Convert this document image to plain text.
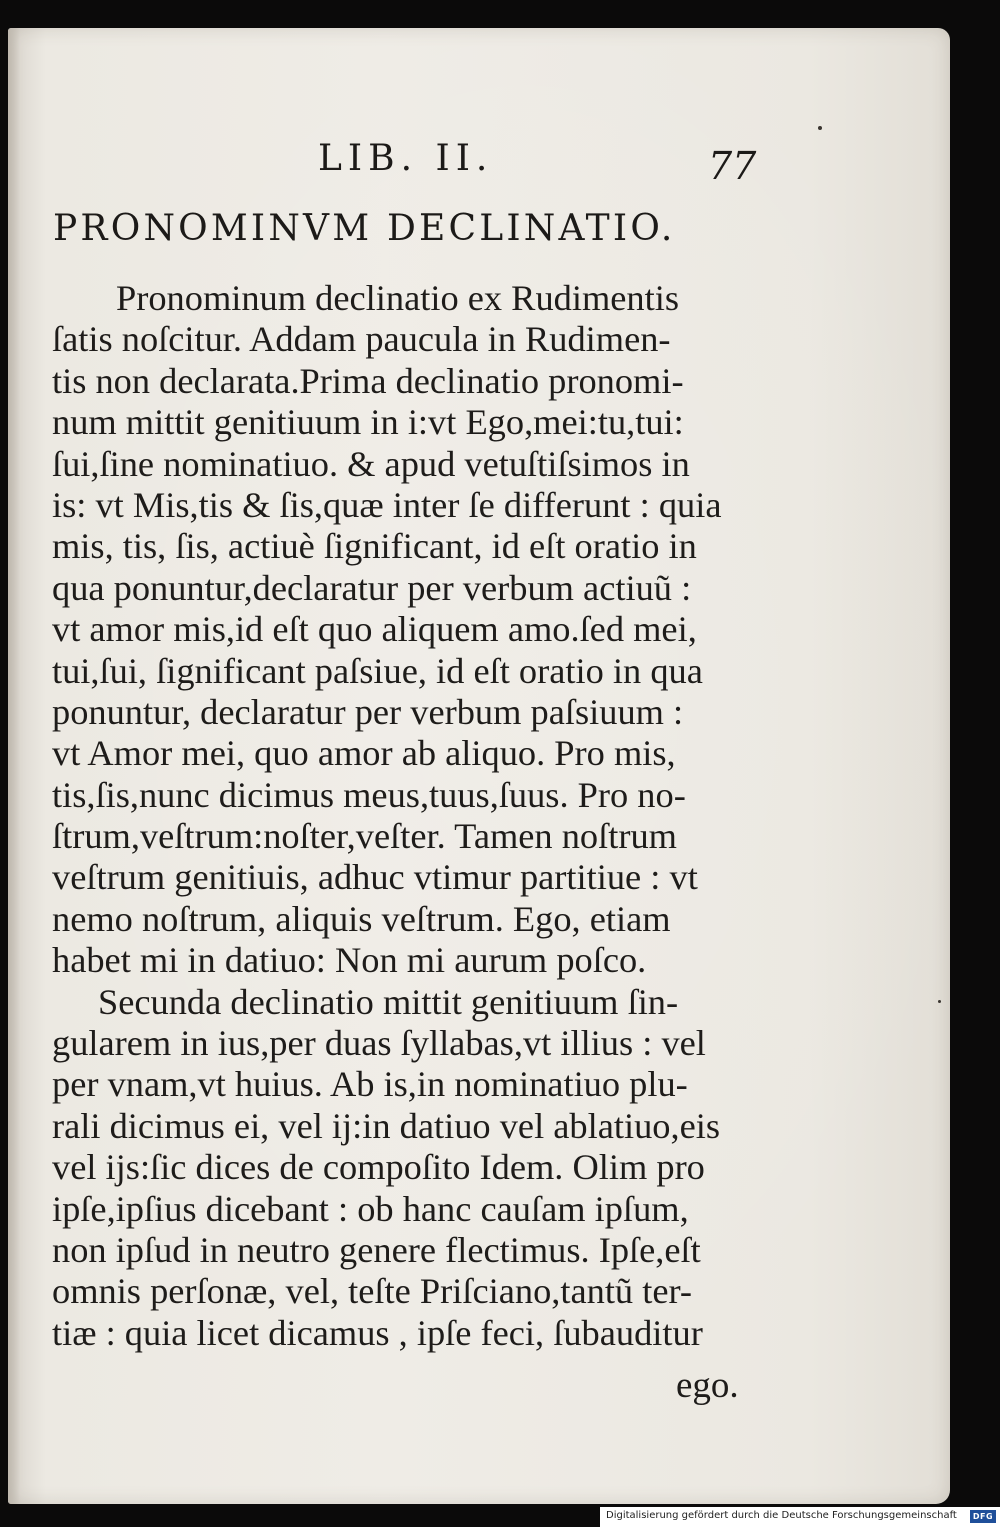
LIB. II.	77
PRONOMINVM DECLINATIO.
Pronominum declinatio ex Rudimentis
ſatis noſcitur. Addam paucula in Rudimen-
tis non declarata.Prima declinatio pronomi-
num mittit genitiuum in i:vt Ego,mei:tu,tui:
ſui,ſine nominatiuo. & apud vetuſtiſsimos in
is: vt Mis,tis & ſis,quæ inter ſe differunt : quia
mis, tis, ſis, actiuè ſignificant, id eſt oratio in
qua ponuntur,declaratur per verbum actiuũ :
vt amor mis,id eſt quo aliquem amo.ſed mei,
tui,ſui, ſignificant paſsiue, id eſt oratio in qua
ponuntur, declaratur per verbum paſsiuum :
vt Amor mei, quo amor ab aliquo. Pro mis,
tis,ſis,nunc dicimus meus,tuus,ſuus. Pro no-
ſtrum,veſtrum:noſter,veſter. Tamen noſtrum
veſtrum genitiuis, adhuc vtimur partitiue : vt
nemo noſtrum, aliquis veſtrum. Ego, etiam
habet mi in datiuo: Non mi aurum poſco.
Secunda declinatio mittit genitiuum ſin-
gularem in ius,per duas ſyllabas,vt illius : vel
per vnam,vt huius. Ab is,in nominatiuo plu-
rali dicimus ei, vel ij:in datiuo vel ablatiuo,eis
vel ijs:ſic dices de compoſito Idem. Olim pro
ipſe,ipſius dicebant : ob hanc cauſam ipſum,
non ipſud in neutro genere flectimus. Ipſe,eſt
omnis perſonæ, vel, teſte Priſciano,tantũ ter-
tiæ : quia licet dicamus , ipſe feci, ſubauditur
ego.
Digitalisierung gefördert durch die Deutsche Forschungsgemeinschaft	DFG
